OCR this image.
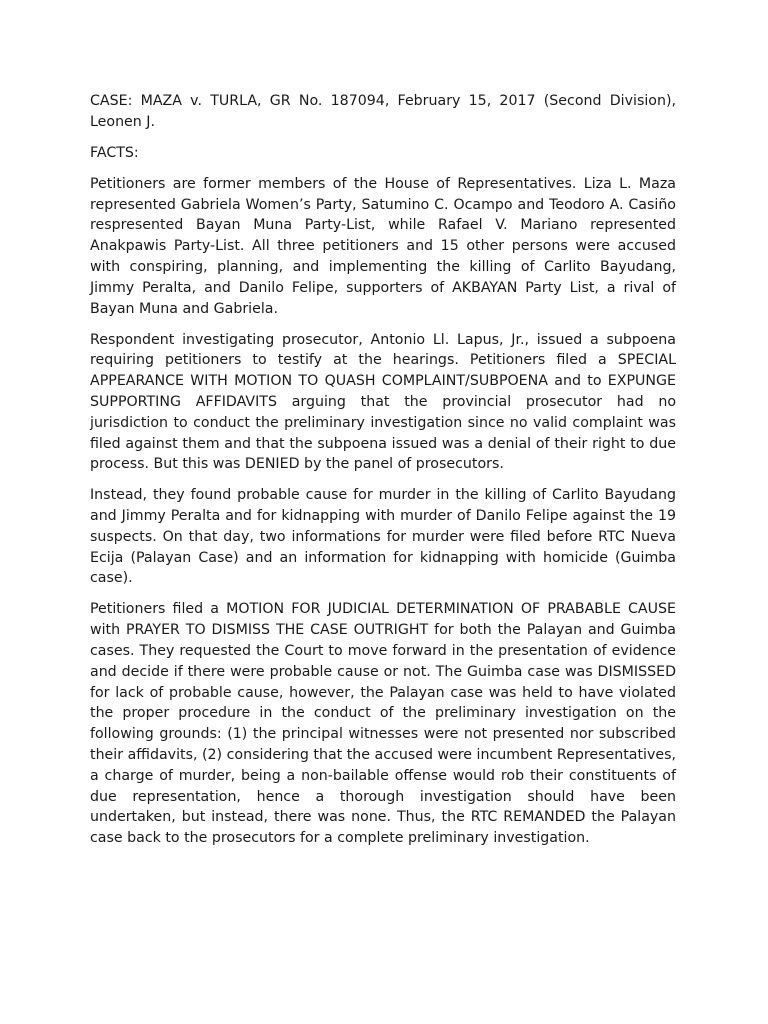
CASE: MAZA v. TURLA, GR No. 187094, February 15, 2017 (Second Division), Leonen J.

FACTS:

Petitioners are former members of the House of Representatives. Liza L. Maza represented Gabriela Women’s Party, Satumino C. Ocampo and Teodoro A. Casiño respresented Bayan Muna Party-List, while Rafael V. Mariano represented Anakpawis Party-List. All three petitioners and 15 other persons were accused with conspiring, planning, and implementing the killing of Carlito Bayudang, Jimmy Peralta, and Danilo Felipe, supporters of AKBAYAN Party List, a rival of Bayan Muna and Gabriela.

Respondent investigating prosecutor, Antonio Ll. Lapus, Jr., issued a subpoena requiring petitioners to testify at the hearings. Petitioners filed a SPECIAL APPEARANCE WITH MOTION TO QUASH COMPLAINT/SUBPOENA and to EXPUNGE SUPPORTING AFFIDAVITS arguing that the provincial prosecutor had no jurisdiction to conduct the preliminary investigation since no valid complaint was filed against them and that the subpoena issued was a denial of their right to due process. But this was DENIED by the panel of prosecutors.

Instead, they found probable cause for murder in the killing of Carlito Bayudang and Jimmy Peralta and for kidnapping with murder of Danilo Felipe against the 19 suspects. On that day, two informations for murder were filed before RTC Nueva Ecija (Palayan Case) and an information for kidnapping with homicide (Guimba case).

Petitioners filed a MOTION FOR JUDICIAL DETERMINATION OF PRABABLE CAUSE with PRAYER TO DISMISS THE CASE OUTRIGHT for both the Palayan and Guimba cases. They requested the Court to move forward in the presentation of evidence and decide if there were probable cause or not. The Guimba case was DISMISSED for lack of probable cause, however, the Palayan case was held to have violated the proper procedure in the conduct of the preliminary investigation on the following grounds: (1) the principal witnesses were not presented nor subscribed their affidavits, (2) considering that the accused were incumbent Representatives, a charge of murder, being a non-bailable offense would rob their constituents of due representation, hence a thorough investigation should have been undertaken, but instead, there was none. Thus, the RTC REMANDED the Palayan case back to the prosecutors for a complete preliminary investigation.
